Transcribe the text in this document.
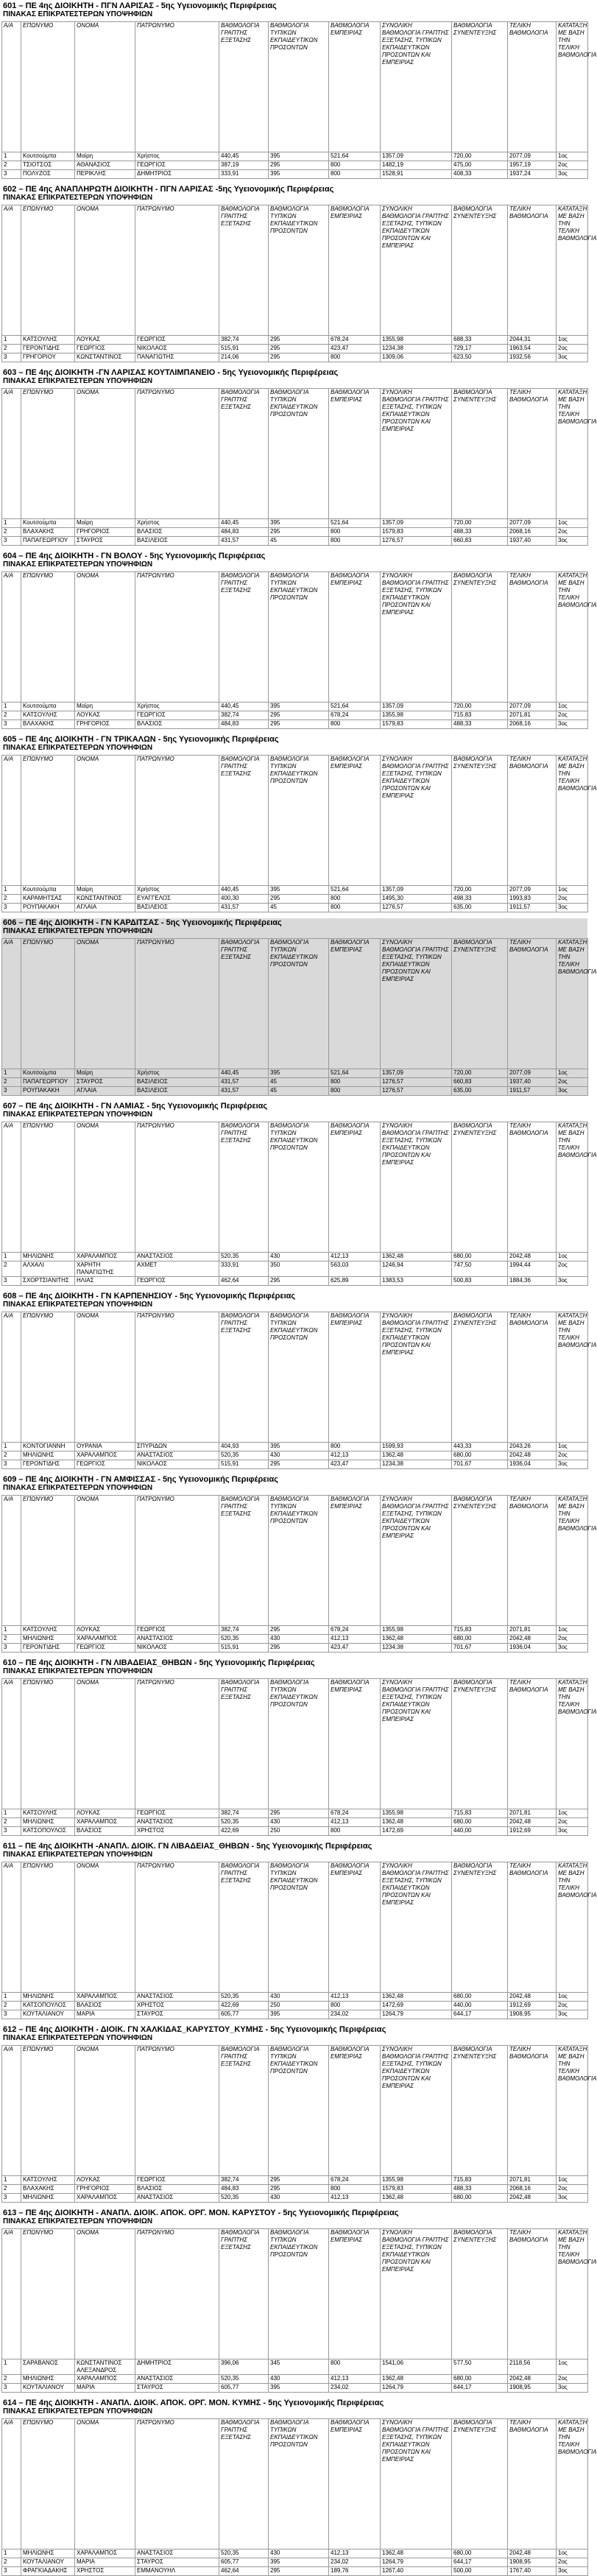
601 – ΠΕ 4ης ΔΙΟΙΚΗΤΗ - ΠΓΝ ΛΑΡΙΣΑΣ - 5ης Υγειονομικής Περιφέρειας
ΠΙΝΑΚΑΣ ΕΠΙΚΡΑΤΕΣΤΕΡΩΝ ΥΠΟΨΗΦΙΩΝ
Α/Α	ΕΠΩΝΥΜΟ	ΟΝΟΜΑ	ΠΑΤΡΩΝΥΜΟ	ΒΑΘΜΟΛΟΓΙΑ ΓΡΑΠΤΗΣ ΕΞΕΤΑΣΗΣ	ΒΑΘΜΟΛΟΓΙΑ ΤΥΠΙΚΩΝ ΕΚΠΑΙΔΕΥΤΙΚΩΝ ΠΡΟΣΟΝΤΩΝ	ΒΑΘΜΟΛΟΓΙΑ ΕΜΠΕΙΡΙΑΣ	ΣΥΝΟΛΙΚΗ ΒΑΘΜΟΛΟΓΙΑ ΓΡΑΠΤΗΣ ΕΞΕΤΑΣΗΣ, ΤΥΠΙΚΩΝ ΕΚΠΑΙΔΕΥΤΙΚΩΝ ΠΡΟΣΟΝΤΩΝ ΚΑΙ ΕΜΠΕΙΡΙΑΣ	ΒΑΘΜΟΛΟΓΙΑ ΣΥΝΕΝΤΕΥΞΗΣ	ΤΕΛΙΚΗ ΒΑΘΜΟΛΟΓΙΑ	ΚΑΤΑΤΑΞΗ ΜΕ ΒΑΣΗ ΤΗΝ ΤΕΛΙΚΗ ΒΑΘΜΟΛΟΓΙΑ
1	Κουτσούμπα	Μαίρη	Χρήστος	440,45	395	521,64	1357,09	720,00	2077,09	1ος
2	ΤΣΙΟΤΣΟΣ	ΑΘΑΝΑΣΙΟΣ	ΓΕΩΡΓΙΟΣ	387,19	295	800	1482,19	475,00	1957,19	2ος
3	ΠΟΛΥΖΟΣ	ΠΕΡΙΚΛΗΣ	ΔΗΜΗΤΡΙΟΣ	333,91	395	800	1528,91	408,33	1937,24	3ος
602 – ΠΕ 4ης ΑΝΑΠΛΗΡΩΤΗ ΔΙΟΙΚΗΤΗ - ΠΓΝ ΛΑΡΙΣΑΣ -5ης Υγειονομικής Περιφέρειας
ΠΙΝΑΚΑΣ ΕΠΙΚΡΑΤΕΣΤΕΡΩΝ ΥΠΟΨΗΦΙΩΝ
Α/Α	ΕΠΩΝΥΜΟ	ΟΝΟΜΑ	ΠΑΤΡΩΝΥΜΟ	ΒΑΘΜΟΛΟΓΙΑ ΓΡΑΠΤΗΣ ΕΞΕΤΑΣΗΣ	ΒΑΘΜΟΛΟΓΙΑ ΤΥΠΙΚΩΝ ΕΚΠΑΙΔΕΥΤΙΚΩΝ ΠΡΟΣΟΝΤΩΝ	ΒΑΘΜΟΛΟΓΙΑ ΕΜΠΕΙΡΙΑΣ	ΣΥΝΟΛΙΚΗ ΒΑΘΜΟΛΟΓΙΑ ΓΡΑΠΤΗΣ ΕΞΕΤΑΣΗΣ, ΤΥΠΙΚΩΝ ΕΚΠΑΙΔΕΥΤΙΚΩΝ ΠΡΟΣΟΝΤΩΝ ΚΑΙ ΕΜΠΕΙΡΙΑΣ	ΒΑΘΜΟΛΟΓΙΑ ΣΥΝΕΝΤΕΥΞΗΣ	ΤΕΛΙΚΗ ΒΑΘΜΟΛΟΓΙΑ	ΚΑΤΑΤΑΞΗ ΜΕ ΒΑΣΗ ΤΗΝ ΤΕΛΙΚΗ ΒΑΘΜΟΛΟΓΙΑ
1	ΚΑΤΣΟΥΛΗΣ	ΛΟΥΚΑΣ	ΓΕΩΡΓΙΟΣ	382,74	295	678,24	1355,98	688,33	2044,31	1ος
2	ΓΕΡΟΝΤΙΔΗΣ	ΓΕΩΡΓΙΟΣ	ΝΙΚΟΛΑΟΣ	515,91	295	423,47	1234,38	729,17	1963,54	2ος
3	ΓΡΗΓΟΡΙΟΥ	ΚΩΝΣΤΑΝΤΙΝΟΣ	ΠΑΝΑΓΙΩΤΗΣ	214,06	295	800	1309,06	623,50	1932,56	3ος
603 – ΠΕ 4ης ΔΙΟΙΚΗΤΗ -ΓΝ ΛΑΡΙΣΑΣ ΚΟΥΤΛΙΜΠΑΝΕΙΟ - 5ης Υγειονομικής Περιφέρειας
ΠΙΝΑΚΑΣ ΕΠΙΚΡΑΤΕΣΤΕΡΩΝ ΥΠΟΨΗΦΙΩΝ
Α/Α	ΕΠΩΝΥΜΟ	ΟΝΟΜΑ	ΠΑΤΡΩΝΥΜΟ	ΒΑΘΜΟΛΟΓΙΑ ΓΡΑΠΤΗΣ ΕΞΕΤΑΣΗΣ	ΒΑΘΜΟΛΟΓΙΑ ΤΥΠΙΚΩΝ ΕΚΠΑΙΔΕΥΤΙΚΩΝ ΠΡΟΣΟΝΤΩΝ	ΒΑΘΜΟΛΟΓΙΑ ΕΜΠΕΙΡΙΑΣ	ΣΥΝΟΛΙΚΗ ΒΑΘΜΟΛΟΓΙΑ ΓΡΑΠΤΗΣ ΕΞΕΤΑΣΗΣ, ΤΥΠΙΚΩΝ ΕΚΠΑΙΔΕΥΤΙΚΩΝ ΠΡΟΣΟΝΤΩΝ ΚΑΙ ΕΜΠΕΙΡΙΑΣ	ΒΑΘΜΟΛΟΓΙΑ ΣΥΝΕΝΤΕΥΞΗΣ	ΤΕΛΙΚΗ ΒΑΘΜΟΛΟΓΙΑ	ΚΑΤΑΤΑΞΗ ΜΕ ΒΑΣΗ ΤΗΝ ΤΕΛΙΚΗ ΒΑΘΜΟΛΟΓΙΑ
1	Κουτσούμπα	Μαίρη	Χρήστος	440,45	395	521,64	1357,09	720,00	2077,09	1ος
2	ΒΛΑΧΑΚΗΣ	ΓΡΗΓΟΡΙΟΣ	ΒΛΑΣΙΟΣ	484,83	295	800	1579,83	488,33	2068,16	2ος
3	ΠΑΠΑΓΕΩΡΓΙΟΥ	ΣΤΑΥΡΟΣ	ΒΑΣΙΛΕΙΟΣ	431,57	45	800	1276,57	660,83	1937,40	3ος
604 – ΠΕ 4ης ΔΙΟΙΚΗΤΗ - ΓΝ ΒΟΛΟΥ - 5ης Υγειονομικής Περιφέρειας
ΠΙΝΑΚΑΣ ΕΠΙΚΡΑΤΕΣΤΕΡΩΝ ΥΠΟΨΗΦΙΩΝ
Α/Α	ΕΠΩΝΥΜΟ	ΟΝΟΜΑ	ΠΑΤΡΩΝΥΜΟ	ΒΑΘΜΟΛΟΓΙΑ ΓΡΑΠΤΗΣ ΕΞΕΤΑΣΗΣ	ΒΑΘΜΟΛΟΓΙΑ ΤΥΠΙΚΩΝ ΕΚΠΑΙΔΕΥΤΙΚΩΝ ΠΡΟΣΟΝΤΩΝ	ΒΑΘΜΟΛΟΓΙΑ ΕΜΠΕΙΡΙΑΣ	ΣΥΝΟΛΙΚΗ ΒΑΘΜΟΛΟΓΙΑ ΓΡΑΠΤΗΣ ΕΞΕΤΑΣΗΣ, ΤΥΠΙΚΩΝ ΕΚΠΑΙΔΕΥΤΙΚΩΝ ΠΡΟΣΟΝΤΩΝ ΚΑΙ ΕΜΠΕΙΡΙΑΣ	ΒΑΘΜΟΛΟΓΙΑ ΣΥΝΕΝΤΕΥΞΗΣ	ΤΕΛΙΚΗ ΒΑΘΜΟΛΟΓΙΑ	ΚΑΤΑΤΑΞΗ ΜΕ ΒΑΣΗ ΤΗΝ ΤΕΛΙΚΗ ΒΑΘΜΟΛΟΓΙΑ
1	Κουτσούμπα	Μαίρη	Χρήστος	440,45	395	521,64	1357,09	720,00	2077,09	1ος
2	ΚΑΤΣΟΥΛΗΣ	ΛΟΥΚΑΣ	ΓΕΩΡΓΙΟΣ	382,74	295	678,24	1355,98	715,83	2071,81	2ος
3	ΒΛΑΧΑΚΗΣ	ΓΡΗΓΟΡΙΟΣ	ΒΛΑΣΙΟΣ	484,83	295	800	1579,83	488,33	2068,16	3ος
605 – ΠΕ 4ης ΔΙΟΙΚΗΤΗ - ΓΝ ΤΡΙΚΑΛΩΝ - 5ης Υγειονομικής Περιφέρειας
ΠΙΝΑΚΑΣ ΕΠΙΚΡΑΤΕΣΤΕΡΩΝ ΥΠΟΨΗΦΙΩΝ
Α/Α	ΕΠΩΝΥΜΟ	ΟΝΟΜΑ	ΠΑΤΡΩΝΥΜΟ	ΒΑΘΜΟΛΟΓΙΑ ΓΡΑΠΤΗΣ ΕΞΕΤΑΣΗΣ	ΒΑΘΜΟΛΟΓΙΑ ΤΥΠΙΚΩΝ ΕΚΠΑΙΔΕΥΤΙΚΩΝ ΠΡΟΣΟΝΤΩΝ	ΒΑΘΜΟΛΟΓΙΑ ΕΜΠΕΙΡΙΑΣ	ΣΥΝΟΛΙΚΗ ΒΑΘΜΟΛΟΓΙΑ ΓΡΑΠΤΗΣ ΕΞΕΤΑΣΗΣ, ΤΥΠΙΚΩΝ ΕΚΠΑΙΔΕΥΤΙΚΩΝ ΠΡΟΣΟΝΤΩΝ ΚΑΙ ΕΜΠΕΙΡΙΑΣ	ΒΑΘΜΟΛΟΓΙΑ ΣΥΝΕΝΤΕΥΞΗΣ	ΤΕΛΙΚΗ ΒΑΘΜΟΛΟΓΙΑ	ΚΑΤΑΤΑΞΗ ΜΕ ΒΑΣΗ ΤΗΝ ΤΕΛΙΚΗ ΒΑΘΜΟΛΟΓΙΑ
1	Κουτσούμπα	Μαίρη	Χρήστος	440,45	395	521,64	1357,09	720,00	2077,09	1ος
2	ΚΑΡΑΜΗΤΣΑΣ	ΚΩΝΣΤΑΝΤΙΝΟΣ	ΕΥΑΓΓΕΛΟΣ	400,30	295	800	1495,30	498,33	1993,83	2ος
3	ΡΟΥΠΑΚΑΚΗ	ΑΓΛΑΙΑ	ΒΑΣΙΛΕΙΟΣ	431,57	45	800	1276,57	635,00	1911,57	3ος
606 – ΠΕ 4ης ΔΙΟΙΚΗΤΗ - ΓΝ ΚΑΡΔΙΤΣΑΣ - 5ης Υγειονομικής Περιφέρειας
ΠΙΝΑΚΑΣ ΕΠΙΚΡΑΤΕΣΤΕΡΩΝ ΥΠΟΨΗΦΙΩΝ
Α/Α	ΕΠΩΝΥΜΟ	ΟΝΟΜΑ	ΠΑΤΡΩΝΥΜΟ	ΒΑΘΜΟΛΟΓΙΑ ΓΡΑΠΤΗΣ ΕΞΕΤΑΣΗΣ	ΒΑΘΜΟΛΟΓΙΑ ΤΥΠΙΚΩΝ ΕΚΠΑΙΔΕΥΤΙΚΩΝ ΠΡΟΣΟΝΤΩΝ	ΒΑΘΜΟΛΟΓΙΑ ΕΜΠΕΙΡΙΑΣ	ΣΥΝΟΛΙΚΗ ΒΑΘΜΟΛΟΓΙΑ ΓΡΑΠΤΗΣ ΕΞΕΤΑΣΗΣ, ΤΥΠΙΚΩΝ ΕΚΠΑΙΔΕΥΤΙΚΩΝ ΠΡΟΣΟΝΤΩΝ ΚΑΙ ΕΜΠΕΙΡΙΑΣ	ΒΑΘΜΟΛΟΓΙΑ ΣΥΝΕΝΤΕΥΞΗΣ	ΤΕΛΙΚΗ ΒΑΘΜΟΛΟΓΙΑ	ΚΑΤΑΤΑΞΗ ΜΕ ΒΑΣΗ ΤΗΝ ΤΕΛΙΚΗ ΒΑΘΜΟΛΟΓΙΑ
1	Κουτσούμπα	Μαίρη	Χρήστος	440,45	395	521,64	1357,09	720,00	2077,09	1ος
2	ΠΑΠΑΓΕΩΡΓΙΟΥ	ΣΤΑΥΡΟΣ	ΒΑΣΙΛΕΙΟΣ	431,57	45	800	1276,57	660,83	1937,40	2ος
3	ΡΟΥΠΑΚΑΚΗ	ΑΓΛΑΙΑ	ΒΑΣΙΛΕΙΟΣ	431,57	45	800	1276,57	635,00	1911,57	3ος
607 – ΠΕ 4ης ΔΙΟΙΚΗΤΗ - ΓΝ ΛΑΜΙΑΣ - 5ης Υγειονομικής Περιφέρειας
ΠΙΝΑΚΑΣ ΕΠΙΚΡΑΤΕΣΤΕΡΩΝ ΥΠΟΨΗΦΙΩΝ
Α/Α	ΕΠΩΝΥΜΟ	ΟΝΟΜΑ	ΠΑΤΡΩΝΥΜΟ	ΒΑΘΜΟΛΟΓΙΑ ΓΡΑΠΤΗΣ ΕΞΕΤΑΣΗΣ	ΒΑΘΜΟΛΟΓΙΑ ΤΥΠΙΚΩΝ ΕΚΠΑΙΔΕΥΤΙΚΩΝ ΠΡΟΣΟΝΤΩΝ	ΒΑΘΜΟΛΟΓΙΑ ΕΜΠΕΙΡΙΑΣ	ΣΥΝΟΛΙΚΗ ΒΑΘΜΟΛΟΓΙΑ ΓΡΑΠΤΗΣ ΕΞΕΤΑΣΗΣ, ΤΥΠΙΚΩΝ ΕΚΠΑΙΔΕΥΤΙΚΩΝ ΠΡΟΣΟΝΤΩΝ ΚΑΙ ΕΜΠΕΙΡΙΑΣ	ΒΑΘΜΟΛΟΓΙΑ ΣΥΝΕΝΤΕΥΞΗΣ	ΤΕΛΙΚΗ ΒΑΘΜΟΛΟΓΙΑ	ΚΑΤΑΤΑΞΗ ΜΕ ΒΑΣΗ ΤΗΝ ΤΕΛΙΚΗ ΒΑΘΜΟΛΟΓΙΑ
1	ΜΗΛΙΩΝΗΣ	ΧΑΡΑΛΑΜΠΟΣ	ΑΝΑΣΤΑΣΙΟΣ	520,35	430	412,13	1362,48	680,00	2042,48	1ος
2	ΑΛΧΑΛΙ	ΧΑΡΗΤΗ ΠΑΝΑΓΙΩΤΗΣ	ΑΧΜΕΤ	333,91	350	563,03	1246,94	747,50	1994,44	2ος
3	ΣΧΟΡΤΣΙΑΝΙΤΗΣ	ΗΛΙΑΣ	ΓΕΩΡΓΙΟΣ	462,64	295	625,89	1383,53	500,83	1884,36	3ος
608 – ΠΕ 4ης ΔΙΟΙΚΗΤΗ - ΓΝ ΚΑΡΠΕΝΗΣΙΟΥ - 5ης Υγειονομικής Περιφέρειας
ΠΙΝΑΚΑΣ ΕΠΙΚΡΑΤΕΣΤΕΡΩΝ ΥΠΟΨΗΦΙΩΝ
Α/Α	ΕΠΩΝΥΜΟ	ΟΝΟΜΑ	ΠΑΤΡΩΝΥΜΟ	ΒΑΘΜΟΛΟΓΙΑ ΓΡΑΠΤΗΣ ΕΞΕΤΑΣΗΣ	ΒΑΘΜΟΛΟΓΙΑ ΤΥΠΙΚΩΝ ΕΚΠΑΙΔΕΥΤΙΚΩΝ ΠΡΟΣΟΝΤΩΝ	ΒΑΘΜΟΛΟΓΙΑ ΕΜΠΕΙΡΙΑΣ	ΣΥΝΟΛΙΚΗ ΒΑΘΜΟΛΟΓΙΑ ΓΡΑΠΤΗΣ ΕΞΕΤΑΣΗΣ, ΤΥΠΙΚΩΝ ΕΚΠΑΙΔΕΥΤΙΚΩΝ ΠΡΟΣΟΝΤΩΝ ΚΑΙ ΕΜΠΕΙΡΙΑΣ	ΒΑΘΜΟΛΟΓΙΑ ΣΥΝΕΝΤΕΥΞΗΣ	ΤΕΛΙΚΗ ΒΑΘΜΟΛΟΓΙΑ	ΚΑΤΑΤΑΞΗ ΜΕ ΒΑΣΗ ΤΗΝ ΤΕΛΙΚΗ ΒΑΘΜΟΛΟΓΙΑ
1	ΚΟΝΤΟΓΙΑΝΝΗ	ΟΥΡΑΝΙΑ	ΣΠΥΡΙΔΩΝ	404,93	395	800	1599,93	443,33	2043,26	1ος
2	ΜΗΛΙΩΝΗΣ	ΧΑΡΑΛΑΜΠΟΣ	ΑΝΑΣΤΑΣΙΟΣ	520,35	430	412,13	1362,48	680,00	2042,48	2ος
3	ΓΕΡΟΝΤΙΔΗΣ	ΓΕΩΡΓΙΟΣ	ΝΙΚΟΛΑΟΣ	515,91	295	423,47	1234,38	701,67	1936,04	3ος
609 – ΠΕ 4ης ΔΙΟΙΚΗΤΗ - ΓΝ ΑΜΦΙΣΣΑΣ - 5ης Υγειονομικής Περιφέρειας
ΠΙΝΑΚΑΣ ΕΠΙΚΡΑΤΕΣΤΕΡΩΝ ΥΠΟΨΗΦΙΩΝ
Α/Α	ΕΠΩΝΥΜΟ	ΟΝΟΜΑ	ΠΑΤΡΩΝΥΜΟ	ΒΑΘΜΟΛΟΓΙΑ ΓΡΑΠΤΗΣ ΕΞΕΤΑΣΗΣ	ΒΑΘΜΟΛΟΓΙΑ ΤΥΠΙΚΩΝ ΕΚΠΑΙΔΕΥΤΙΚΩΝ ΠΡΟΣΟΝΤΩΝ	ΒΑΘΜΟΛΟΓΙΑ ΕΜΠΕΙΡΙΑΣ	ΣΥΝΟΛΙΚΗ ΒΑΘΜΟΛΟΓΙΑ ΓΡΑΠΤΗΣ ΕΞΕΤΑΣΗΣ, ΤΥΠΙΚΩΝ ΕΚΠΑΙΔΕΥΤΙΚΩΝ ΠΡΟΣΟΝΤΩΝ ΚΑΙ ΕΜΠΕΙΡΙΑΣ	ΒΑΘΜΟΛΟΓΙΑ ΣΥΝΕΝΤΕΥΞΗΣ	ΤΕΛΙΚΗ ΒΑΘΜΟΛΟΓΙΑ	ΚΑΤΑΤΑΞΗ ΜΕ ΒΑΣΗ ΤΗΝ ΤΕΛΙΚΗ ΒΑΘΜΟΛΟΓΙΑ
1	ΚΑΤΣΟΥΛΗΣ	ΛΟΥΚΑΣ	ΓΕΩΡΓΙΟΣ	382,74	295	678,24	1355,98	715,83	2071,81	1ος
2	ΜΗΛΙΩΝΗΣ	ΧΑΡΑΛΑΜΠΟΣ	ΑΝΑΣΤΑΣΙΟΣ	520,35	430	412,13	1362,48	680,00	2042,48	2ος
3	ΓΕΡΟΝΤΙΔΗΣ	ΓΕΩΡΓΙΟΣ	ΝΙΚΟΛΑΟΣ	515,91	295	423,47	1234,38	701,67	1936,04	3ος
610 – ΠΕ 4ης ΔΙΟΙΚΗΤΗ - ΓΝ ΛΙΒΑΔΕΙΑΣ_ΘΗΒΩΝ - 5ης Υγειονομικής Περιφέρειας
ΠΙΝΑΚΑΣ ΕΠΙΚΡΑΤΕΣΤΕΡΩΝ ΥΠΟΨΗΦΙΩΝ
Α/Α	ΕΠΩΝΥΜΟ	ΟΝΟΜΑ	ΠΑΤΡΩΝΥΜΟ	ΒΑΘΜΟΛΟΓΙΑ ΓΡΑΠΤΗΣ ΕΞΕΤΑΣΗΣ	ΒΑΘΜΟΛΟΓΙΑ ΤΥΠΙΚΩΝ ΕΚΠΑΙΔΕΥΤΙΚΩΝ ΠΡΟΣΟΝΤΩΝ	ΒΑΘΜΟΛΟΓΙΑ ΕΜΠΕΙΡΙΑΣ	ΣΥΝΟΛΙΚΗ ΒΑΘΜΟΛΟΓΙΑ ΓΡΑΠΤΗΣ ΕΞΕΤΑΣΗΣ, ΤΥΠΙΚΩΝ ΕΚΠΑΙΔΕΥΤΙΚΩΝ ΠΡΟΣΟΝΤΩΝ ΚΑΙ ΕΜΠΕΙΡΙΑΣ	ΒΑΘΜΟΛΟΓΙΑ ΣΥΝΕΝΤΕΥΞΗΣ	ΤΕΛΙΚΗ ΒΑΘΜΟΛΟΓΙΑ	ΚΑΤΑΤΑΞΗ ΜΕ ΒΑΣΗ ΤΗΝ ΤΕΛΙΚΗ ΒΑΘΜΟΛΟΓΙΑ
1	ΚΑΤΣΟΥΛΗΣ	ΛΟΥΚΑΣ	ΓΕΩΡΓΙΟΣ	382,74	295	678,24	1355,98	715,83	2071,81	1ος
2	ΜΗΛΙΩΝΗΣ	ΧΑΡΑΛΑΜΠΟΣ	ΑΝΑΣΤΑΣΙΟΣ	520,35	430	412,13	1362,48	680,00	2042,48	2ος
3	ΚΑΤΣΟΠΟΥΛΟΣ	ΒΛΑΣΙΟΣ	ΧΡΗΣΤΟΣ	422,69	250	800	1472,69	440,00	1912,69	3ος
611 – ΠΕ 4ης ΔΙΟΙΚΗΤΗ -ΑΝΑΠΛ. ΔΙΟΙΚ. ΓΝ ΛΙΒΑΔΕΙΑΣ_ΘΗΒΩΝ - 5ης Υγειονομικής Περιφέρειας
ΠΙΝΑΚΑΣ ΕΠΙΚΡΑΤΕΣΤΕΡΩΝ ΥΠΟΨΗΦΙΩΝ
Α/Α	ΕΠΩΝΥΜΟ	ΟΝΟΜΑ	ΠΑΤΡΩΝΥΜΟ	ΒΑΘΜΟΛΟΓΙΑ ΓΡΑΠΤΗΣ ΕΞΕΤΑΣΗΣ	ΒΑΘΜΟΛΟΓΙΑ ΤΥΠΙΚΩΝ ΕΚΠΑΙΔΕΥΤΙΚΩΝ ΠΡΟΣΟΝΤΩΝ	ΒΑΘΜΟΛΟΓΙΑ ΕΜΠΕΙΡΙΑΣ	ΣΥΝΟΛΙΚΗ ΒΑΘΜΟΛΟΓΙΑ ΓΡΑΠΤΗΣ ΕΞΕΤΑΣΗΣ, ΤΥΠΙΚΩΝ ΕΚΠΑΙΔΕΥΤΙΚΩΝ ΠΡΟΣΟΝΤΩΝ ΚΑΙ ΕΜΠΕΙΡΙΑΣ	ΒΑΘΜΟΛΟΓΙΑ ΣΥΝΕΝΤΕΥΞΗΣ	ΤΕΛΙΚΗ ΒΑΘΜΟΛΟΓΙΑ	ΚΑΤΑΤΑΞΗ ΜΕ ΒΑΣΗ ΤΗΝ ΤΕΛΙΚΗ ΒΑΘΜΟΛΟΓΙΑ
1	ΜΗΛΙΩΝΗΣ	ΧΑΡΑΛΑΜΠΟΣ	ΑΝΑΣΤΑΣΙΟΣ	520,35	430	412,13	1362,48	680,00	2042,48	1ος
2	ΚΑΤΣΟΠΟΥΛΟΣ	ΒΛΑΣΙΟΣ	ΧΡΗΣΤΟΣ	422,69	250	800	1472,69	440,00	1912,69	2ος
3	ΚΟΥΤΑΛΙΑΝΟΥ	ΜΑΡΙΑ	ΣΤΑΥΡΟΣ	605,77	395	234,02	1264,79	644,17	1908,95	3ος
612 – ΠΕ 4ης ΔΙΟΙΚΗΤΗ - ΔΙΟΙΚ. ΓΝ ΧΑΛΚΙΔΑΣ_ΚΑΡΥΣΤΟΥ_ΚΥΜΗΣ - 5ης Υγειονομικής Περιφέρειας
ΠΙΝΑΚΑΣ ΕΠΙΚΡΑΤΕΣΤΕΡΩΝ ΥΠΟΨΗΦΙΩΝ
Α/Α	ΕΠΩΝΥΜΟ	ΟΝΟΜΑ	ΠΑΤΡΩΝΥΜΟ	ΒΑΘΜΟΛΟΓΙΑ ΓΡΑΠΤΗΣ ΕΞΕΤΑΣΗΣ	ΒΑΘΜΟΛΟΓΙΑ ΤΥΠΙΚΩΝ ΕΚΠΑΙΔΕΥΤΙΚΩΝ ΠΡΟΣΟΝΤΩΝ	ΒΑΘΜΟΛΟΓΙΑ ΕΜΠΕΙΡΙΑΣ	ΣΥΝΟΛΙΚΗ ΒΑΘΜΟΛΟΓΙΑ ΓΡΑΠΤΗΣ ΕΞΕΤΑΣΗΣ, ΤΥΠΙΚΩΝ ΕΚΠΑΙΔΕΥΤΙΚΩΝ ΠΡΟΣΟΝΤΩΝ ΚΑΙ ΕΜΠΕΙΡΙΑΣ	ΒΑΘΜΟΛΟΓΙΑ ΣΥΝΕΝΤΕΥΞΗΣ	ΤΕΛΙΚΗ ΒΑΘΜΟΛΟΓΙΑ	ΚΑΤΑΤΑΞΗ ΜΕ ΒΑΣΗ ΤΗΝ ΤΕΛΙΚΗ ΒΑΘΜΟΛΟΓΙΑ
1	ΚΑΤΣΟΥΛΗΣ	ΛΟΥΚΑΣ	ΓΕΩΡΓΙΟΣ	382,74	295	678,24	1355,98	715,83	2071,81	1ος
2	ΒΛΑΧΑΚΗΣ	ΓΡΗΓΟΡΙΟΣ	ΒΛΑΣΙΟΣ	484,83	295	800	1579,83	488,33	2068,16	2ος
3	ΜΗΛΙΩΝΗΣ	ΧΑΡΑΛΑΜΠΟΣ	ΑΝΑΣΤΑΣΙΟΣ	520,35	430	412,13	1362,48	680,00	2042,48	3ος
613 – ΠΕ 4ης ΔΙΟΙΚΗΤΗ - ΑΝΑΠΛ. ΔΙΟΙΚ. ΑΠΟΚ. ΟΡΓ. ΜΟΝ. ΚΑΡΥΣΤΟΥ - 5ης Υγειονομικής Περιφέρειας
ΠΙΝΑΚΑΣ ΕΠΙΚΡΑΤΕΣΤΕΡΩΝ ΥΠΟΨΗΦΙΩΝ
Α/Α	ΕΠΩΝΥΜΟ	ΟΝΟΜΑ	ΠΑΤΡΩΝΥΜΟ	ΒΑΘΜΟΛΟΓΙΑ ΓΡΑΠΤΗΣ ΕΞΕΤΑΣΗΣ	ΒΑΘΜΟΛΟΓΙΑ ΤΥΠΙΚΩΝ ΕΚΠΑΙΔΕΥΤΙΚΩΝ ΠΡΟΣΟΝΤΩΝ	ΒΑΘΜΟΛΟΓΙΑ ΕΜΠΕΙΡΙΑΣ	ΣΥΝΟΛΙΚΗ ΒΑΘΜΟΛΟΓΙΑ ΓΡΑΠΤΗΣ ΕΞΕΤΑΣΗΣ, ΤΥΠΙΚΩΝ ΕΚΠΑΙΔΕΥΤΙΚΩΝ ΠΡΟΣΟΝΤΩΝ ΚΑΙ ΕΜΠΕΙΡΙΑΣ	ΒΑΘΜΟΛΟΓΙΑ ΣΥΝΕΝΤΕΥΞΗΣ	ΤΕΛΙΚΗ ΒΑΘΜΟΛΟΓΙΑ	ΚΑΤΑΤΑΞΗ ΜΕ ΒΑΣΗ ΤΗΝ ΤΕΛΙΚΗ ΒΑΘΜΟΛΟΓΙΑ
1	ΣΑΡΑΒΑΝΟΣ	ΚΩΝΣΤΑΝΤΙΝΟΣ ΑΛΕΞΑΝΔΡΟΣ	ΔΗΜΗΤΡΙΟΣ	396,06	345	800	1541,06	577,50	2118,56	1ος
2	ΜΗΛΙΩΝΗΣ	ΧΑΡΑΛΑΜΠΟΣ	ΑΝΑΣΤΑΣΙΟΣ	520,35	430	412,13	1362,48	680,00	2042,48	2ος
3	ΚΟΥΤΑΛΙΑΝΟΥ	ΜΑΡΙΑ	ΣΤΑΥΡΟΣ	605,77	395	234,02	1264,79	644,17	1908,95	3ος
614 – ΠΕ 4ης ΔΙΟΙΚΗΤΗ - ΑΝΑΠΛ. ΔΙΟΙΚ. ΑΠΟΚ. ΟΡΓ. ΜΟΝ. ΚΥΜΗΣ - 5ης Υγειονομικής Περιφέρειας
ΠΙΝΑΚΑΣ ΕΠΙΚΡΑΤΕΣΤΕΡΩΝ ΥΠΟΨΗΦΙΩΝ
Α/Α	ΕΠΩΝΥΜΟ	ΟΝΟΜΑ	ΠΑΤΡΩΝΥΜΟ	ΒΑΘΜΟΛΟΓΙΑ ΓΡΑΠΤΗΣ ΕΞΕΤΑΣΗΣ	ΒΑΘΜΟΛΟΓΙΑ ΤΥΠΙΚΩΝ ΕΚΠΑΙΔΕΥΤΙΚΩΝ ΠΡΟΣΟΝΤΩΝ	ΒΑΘΜΟΛΟΓΙΑ ΕΜΠΕΙΡΙΑΣ	ΣΥΝΟΛΙΚΗ ΒΑΘΜΟΛΟΓΙΑ ΓΡΑΠΤΗΣ ΕΞΕΤΑΣΗΣ, ΤΥΠΙΚΩΝ ΕΚΠΑΙΔΕΥΤΙΚΩΝ ΠΡΟΣΟΝΤΩΝ ΚΑΙ ΕΜΠΕΙΡΙΑΣ	ΒΑΘΜΟΛΟΓΙΑ ΣΥΝΕΝΤΕΥΞΗΣ	ΤΕΛΙΚΗ ΒΑΘΜΟΛΟΓΙΑ	ΚΑΤΑΤΑΞΗ ΜΕ ΒΑΣΗ ΤΗΝ ΤΕΛΙΚΗ ΒΑΘΜΟΛΟΓΙΑ
1	ΜΗΛΙΩΝΗΣ	ΧΑΡΑΛΑΜΠΟΣ	ΑΝΑΣΤΑΣΙΟΣ	520,35	430	412,13	1362,48	680,00	2042,48	1ος
2	ΚΟΥΤΑΛΙΑΝΟΥ	ΜΑΡΙΑ	ΣΤΑΥΡΟΣ	605,77	395	234,02	1264,79	644,17	1908,95	2ος
3	ΦΡΑΓΚΙΑΔΑΚΗΣ	ΧΡΗΣΤΟΣ	ΕΜΜΑΝΟΥΗΛ	462,64	295	189,76	1267,40	500,00	1767,40	3ος
